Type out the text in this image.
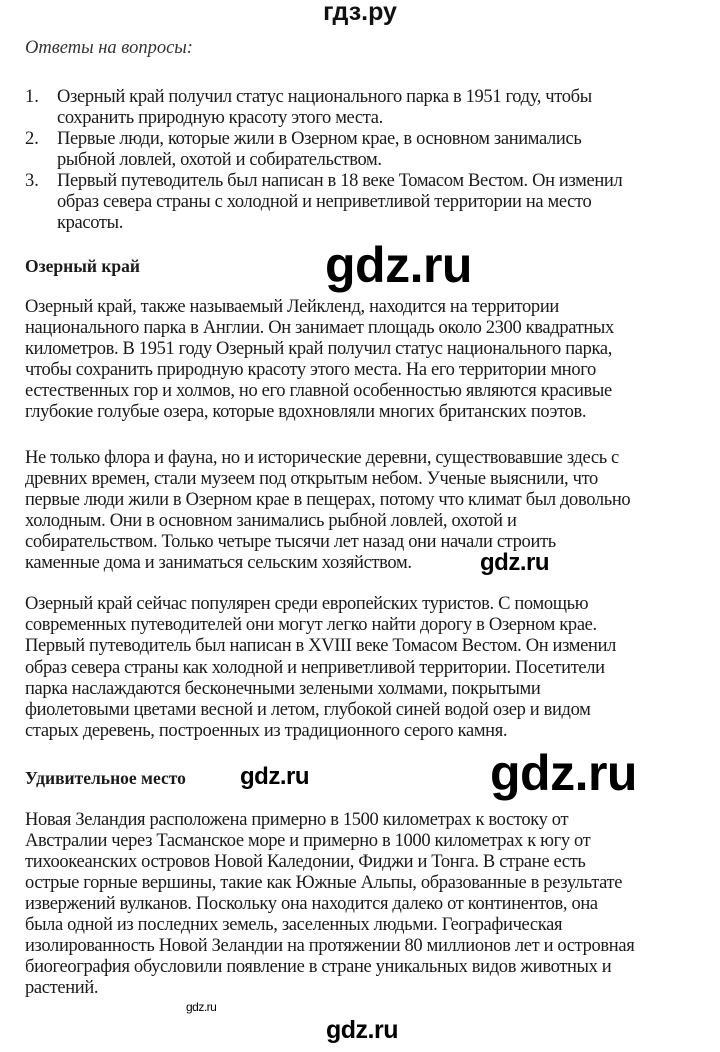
гдз.ру
Ответы на вопросы:
1. Озерный край получил статус национального парка в 1951 году, чтобы
сохранить природную красоту этого места.
2. Первые люди, которые жили в Озерном крае, в основном занимались
рыбной ловлей, охотой и собирательством.
3. Первый путеводитель был написан в 18 веке Томасом Вестом. Он изменил
образ севера страны с холодной и неприветливой территории на место
красоты.
Озерный край
Озерный край, также называемый Лейкленд, находится на территории
национального парка в Англии. Он занимает площадь около 2300 квадратных
километров. В 1951 году Озерный край получил статус национального парка,
чтобы сохранить природную красоту этого места. На его территории много
естественных гор и холмов, но его главной особенностью являются красивые
глубокие голубые озера, которые вдохновляли многих британских поэтов.
Не только флора и фауна, но и исторические деревни, существовавшие здесь с
древних времен, стали музеем под открытым небом. Ученые выяснили, что
первые люди жили в Озерном крае в пещерах, потому что климат был довольно
холодным. Они в основном занимались рыбной ловлей, охотой и
собирательством. Только четыре тысячи лет назад они начали строить
каменные дома и заниматься сельским хозяйством.
Озерный край сейчас популярен среди европейских туристов. С помощью
современных путеводителей они могут легко найти дорогу в Озерном крае.
Первый путеводитель был написан в XVIII веке Томасом Вестом. Он изменил
образ севера страны как холодной и неприветливой территории. Посетители
парка наслаждаются бесконечными зелеными холмами, покрытыми
фиолетовыми цветами весной и летом, глубокой синей водой озер и видом
старых деревень, построенных из традиционного серого камня.
Новая Зеландия расположена примерно в 1500 километрах к востоку от
Австралии через Тасманское море и примерно в 1000 километрах к югу от
тихоокеанских островов Новой Каледонии, Фиджи и Тонга. В стране есть
острые горные вершины, такие как Южные Альпы, образованные в результате
извержений вулканов. Поскольку она находится далеко от континентов, она
была одной из последних земель, заселенных людьми. Географическая
изолированность Новой Зеландии на протяжении 80 миллионов лет и островная
биогеография обусловили появление в стране уникальных видов животных и
растений.
Удивительное место
gdz.ru
gdz.ru
gdz.ru	gdz.ru
gdz.ru
gdz.ru
